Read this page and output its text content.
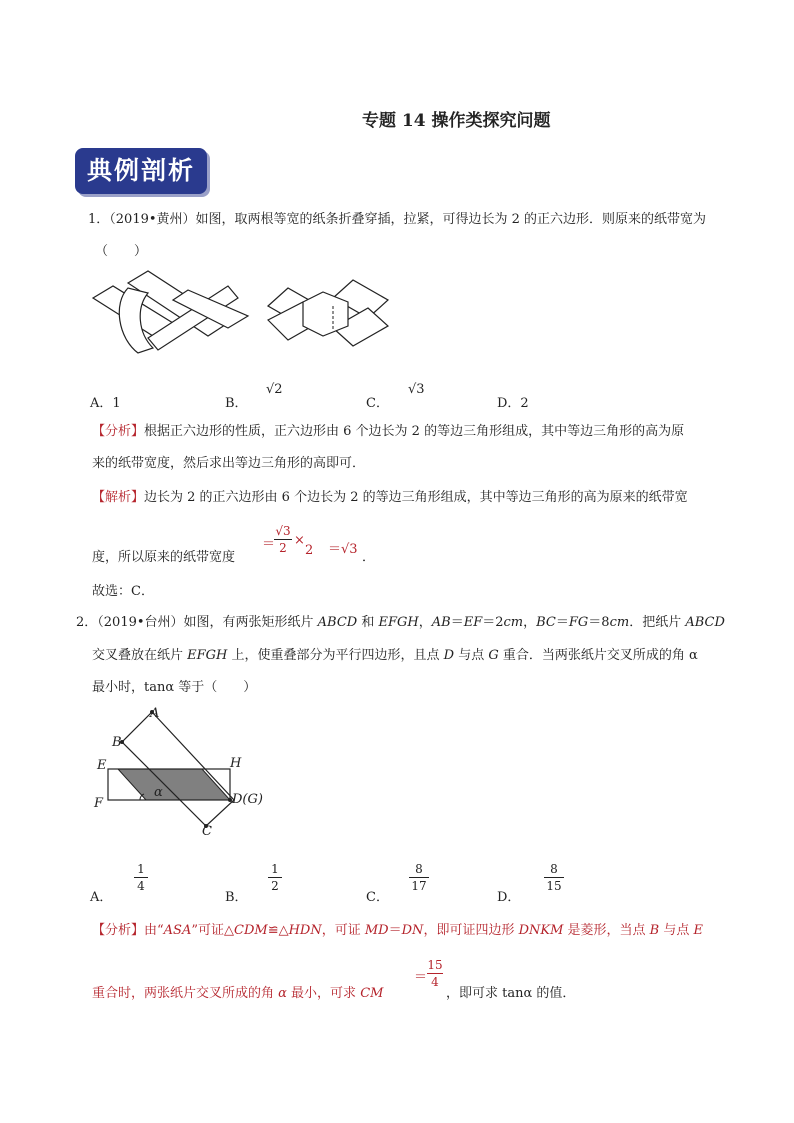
专题 14 操作类探究问题
典例剖析
1．（2019•黄州）如图，取两根等宽的纸条折叠穿插，拉紧，可得边长为 2 的正六边形．则原来的纸带宽为
（　　）
A．1	B．
√2
C．
√3
D．2
【分析】根据正六边形的性质，正六边形由 6 个边长为 2 的等边三角形组成，其中等边三角形的高为原
来的纸带宽度，然后求出等边三角形的高即可．
【解析】边长为 2 的正六边形由 6 个边长为 2 的等边三角形组成，其中等边三角形的高为原来的纸带宽
度，所以原来的纸带宽度
＝
√3
2 ×
2 ＝√3
．
故选：C．
2．（2019•台州）如图，有两张矩形纸片 ABCD 和 EFGH，AB＝EF＝2cm，BC＝FG＝8cm．把纸片 ABCD
交叉叠放在纸片 EFGH 上，使重叠部分为平行四边形，且点 D 与点 G 重合．当两张纸片交叉所成的角 α
最小时，tanα 等于（　　）
A
B
E	H
F
α	D(G)
C
A．
1
4
B．
1
2
C．
8
17
D．
8
15
【分析】由“ASA”可证△CDM≌△HDN，可证 MD＝DN，即可证四边形 DNKM 是菱形，当点 B 与点 E
重合时，两张纸片交叉所成的角 α 最小，可求 CM
＝
15
4
，即可求 tanα 的值．
